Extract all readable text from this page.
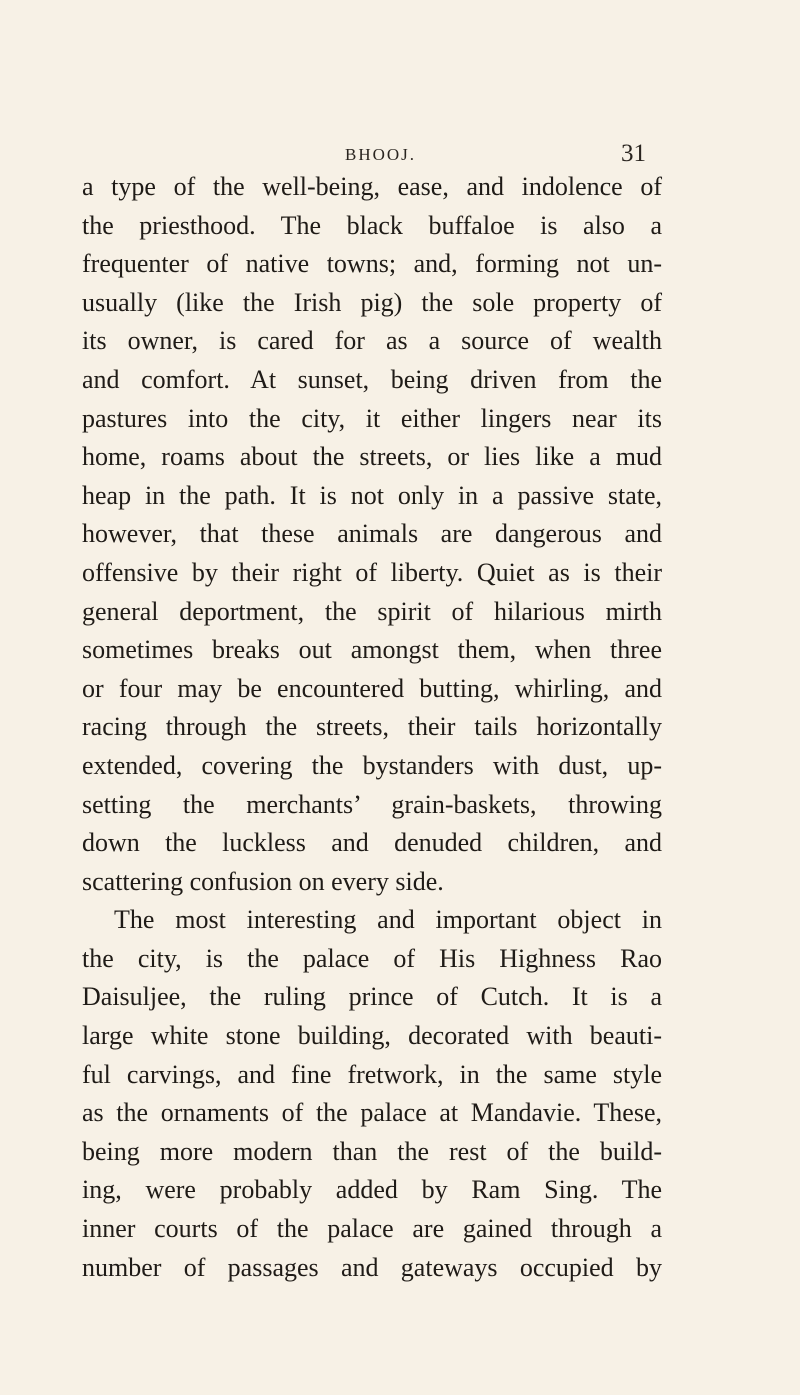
BHOOJ.	31
a type of the well-being, ease, and indolence of
the priesthood. The black buffaloe is also a
frequenter of native towns; and, forming not un-
usually (like the Irish pig) the sole property of
its owner, is cared for as a source of wealth
and comfort. At sunset, being driven from the
pastures into the city, it either lingers near its
home, roams about the streets, or lies like a mud
heap in the path. It is not only in a passive state,
however, that these animals are dangerous and
offensive by their right of liberty. Quiet as is their
general deportment, the spirit of hilarious mirth
sometimes breaks out amongst them, when three
or four may be encountered butting, whirling, and
racing through the streets, their tails horizontally
extended, covering the bystanders with dust, up-
setting the merchants’ grain-baskets, throwing
down the luckless and denuded children, and
scattering confusion on every side.
The most interesting and important object in
the city, is the palace of His Highness Rao
Daisuljee, the ruling prince of Cutch. It is a
large white stone building, decorated with beauti-
ful carvings, and fine fretwork, in the same style
as the ornaments of the palace at Mandavie. These,
being more modern than the rest of the build-
ing, were probably added by Ram Sing. The
inner courts of the palace are gained through a
number of passages and gateways occupied by
